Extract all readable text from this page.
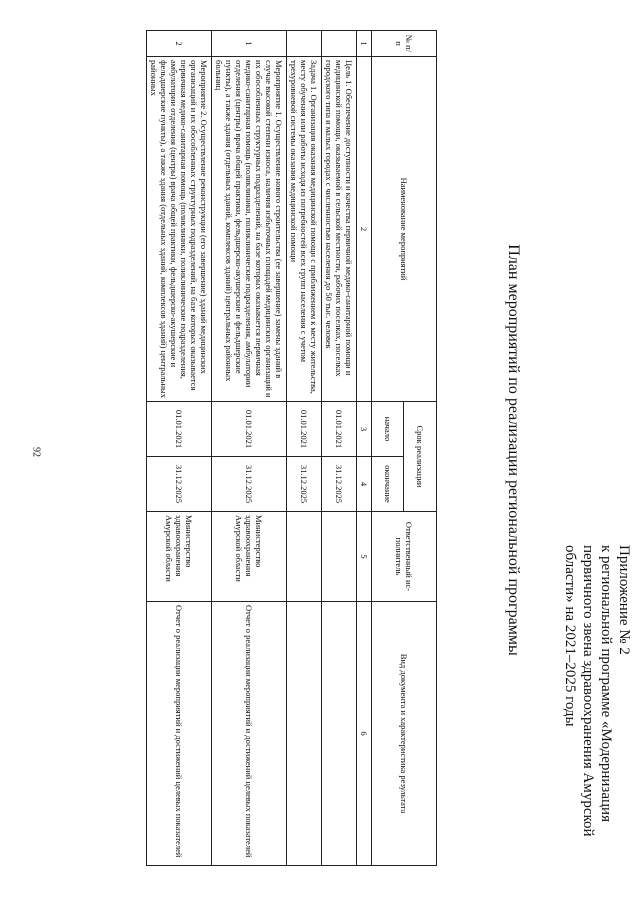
92
Приложение № 2
к региональной программе «Модернизация
первичного звена здравоохранения Амурской
области» на 2021–2025 годы
План мероприятий по реализации региональной программы
№ п/п	Наименование мероприятий	Срок реализации		Ответственный ис-полнитель	Вид документа и характеристика результата
		начало	окончание		
1	2	3	4	5	6
	Цель 1. Обеспечение доступности и качества первичной медико-санитарной помощи и медицинской помощи, оказываемой в сельской местности, рабочих поселках, поселках городского типа и малых городах с численностью населения до 50 тыс. человек	01.01.2021	31.12.2025		
	Задача 1. Организация оказания медицинской помощи с приближением к месту жительства, месту обучения или работы исходя из потребностей всех групп населения с учетом трехуровневой системы оказания медицинской помощи	01.01.2021	31.12.2025		
1	Мероприятие 1. Осуществление нового строительства (ее завершение) замены зданий в случае высокой степени износа, наличия избыточных площадей медицинских организаций и их обособленных структурных подразделений, на базе которых оказывается первичная медико-санитарная помощь (поликлиники, поликлинические подразделения, амбулатории отделения (центры) врача общей практики, фельдшерско-акушерские и фельдшерские пункты), а также здания (отдельных зданий, комплексов зданий) центральных районных больниц	01.01.2021	31.12.2025	Министерство здравоохранения Амурской области	Отчет о реализации мероприятий и достижений целевых показателей
2	Мероприятие 2. Осуществление реконструкции (его завершение) зданий медицинских организаций и их обособленных структурных подразделений, на базе которых оказывается первичная медико-санитарная помощь (поликлиники, поликлинические подразделения, амбулатории отделения (центры) врача общей практики, фельдшерско-акушерские и фельдшерские пункты), а также здания (отдельных зданий, комплексов зданий) центральных районных	01.01.2021	31.12.2025	Министерство здравоохранения Амурской области	Отчет о реализации мероприятий и достижений целевых показателей
